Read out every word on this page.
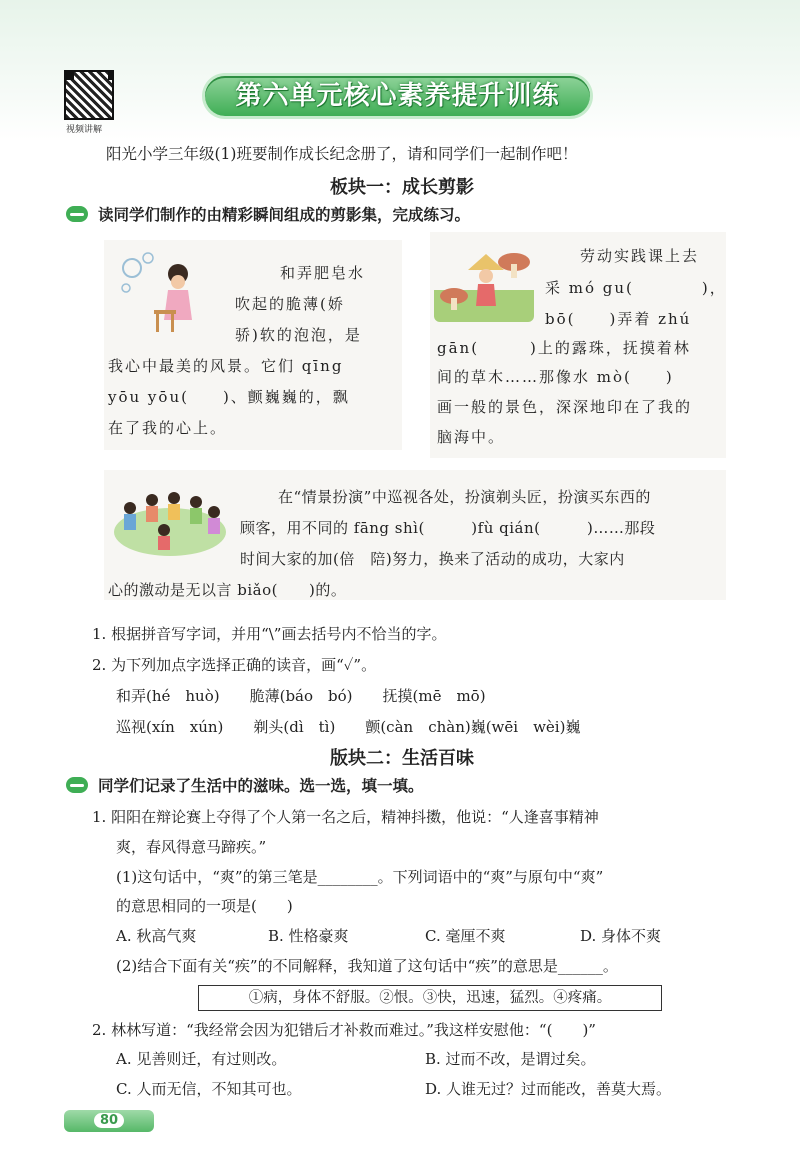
视频讲解
第六单元核心素养提升训练
阳光小学三年级(1)班要制作成长纪念册了，请和同学们一起制作吧！
板块一：成长剪影
读同学们制作的由精彩瞬间组成的剪影集，完成练习。
和弄肥皂水
吹起的脆薄(娇
骄)软的泡泡，是
我心中最美的风景。它们 qīng
yōu yōu(　　)、颤巍巍的，飘
在了我的心上。
劳动实践课上去
采 mó gu(　　　　)，
bō(　　)弄着 zhú
gān(　　　)上的露珠，抚摸着林
间的草木……那像水 mò(　　)
画一般的景色，深深地印在了我的
脑海中。
在“情景扮演”中巡视各处，扮演剃头匠，扮演买东西的
顾客，用不同的 fāng shì(　　　)fù qián(　　　)……那段
时间大家的加(倍　陪)努力，换来了活动的成功，大家内
心的激动是无以言 biǎo(　　)的。
1. 根据拼音写字词，并用“\”画去括号内不恰当的字。
2. 为下列加点字选择正确的读音，画“✓”。
和弄(hé　huò)　　脆薄(báo　bó)　　抚摸(mē　mō)
巡视(xín　xún)　　剃头(dì　tì)　　颤(càn　chàn)巍(wēi　wèi)巍
版块二：生活百味
同学们记录了生活中的滋味。选一选，填一填。
1. 阳阳在辩论赛上夺得了个人第一名之后，精神抖擞，他说：“人逢喜事精神
爽，春风得意马蹄疾。”
(1)这句话中，“爽”的第三笔是________。下列词语中的“爽”与原句中“爽”
的意思相同的一项是(　　)
A. 秋高气爽	B. 性格豪爽	C. 毫厘不爽	D. 身体不爽
(2)结合下面有关“疾”的不同解释，我知道了这句话中“疾”的意思是______。
①病，身体不舒服。②恨。③快，迅速，猛烈。④疼痛。
2. 林林写道：“我经常会因为犯错后才补救而难过。”我这样安慰他：“(　　)”
A. 见善则迁，有过则改。	B. 过而不改，是谓过矣。
C. 人而无信，不知其可也。	D. 人谁无过？过而能改，善莫大焉。
80
